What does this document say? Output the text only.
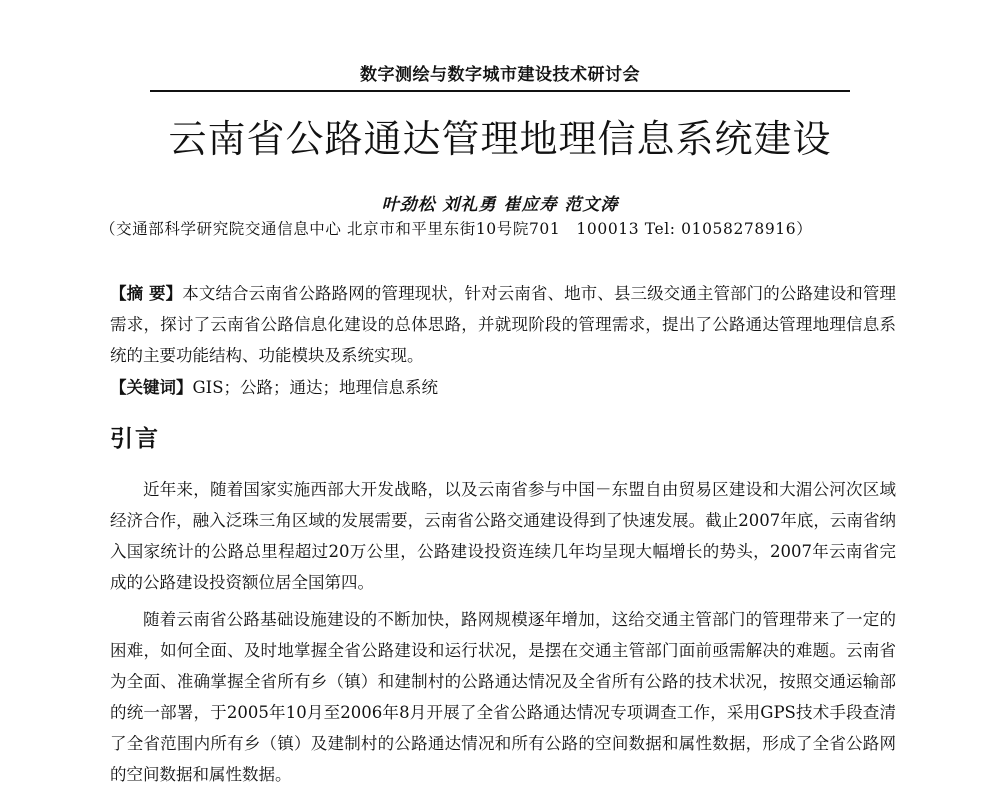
数字测绘与数字城市建设技术研讨会
云南省公路通达管理地理信息系统建设
叶劲松 刘礼勇 崔应寿 范文涛
（交通部科学研究院交通信息中心 北京市和平里东街10号院701　100013 Tel: 01058278916）
【摘 要】本文结合云南省公路路网的管理现状，针对云南省、地市、县三级交通主管部门的公路建设和管理需求，探讨了云南省公路信息化建设的总体思路，并就现阶段的管理需求，提出了公路通达管理地理信息系统的主要功能结构、功能模块及系统实现。
【关键词】GIS；公路；通达；地理信息系统
引言

近年来，随着国家实施西部大开发战略，以及云南省参与中国－东盟自由贸易区建设和大湄公河次区域经济合作，融入泛珠三角区域的发展需要，云南省公路交通建设得到了快速发展。截止2007年底，云南省纳入国家统计的公路总里程超过20万公里，公路建设投资连续几年均呈现大幅增长的势头，2007年云南省完成的公路建设投资额位居全国第四。

随着云南省公路基础设施建设的不断加快，路网规模逐年增加，这给交通主管部门的管理带来了一定的困难，如何全面、及时地掌握全省公路建设和运行状况，是摆在交通主管部门面前亟需解决的难题。云南省为全面、准确掌握全省所有乡（镇）和建制村的公路通达情况及全省所有公路的技术状况，按照交通运输部的统一部署，于2005年10月至2006年8月开展了全省公路通达情况专项调查工作，采用GPS技术手段查清了全省范围内所有乡（镇）及建制村的公路通达情况和所有公路的空间数据和属性数据，形成了全省公路网的空间数据和属性数据。
